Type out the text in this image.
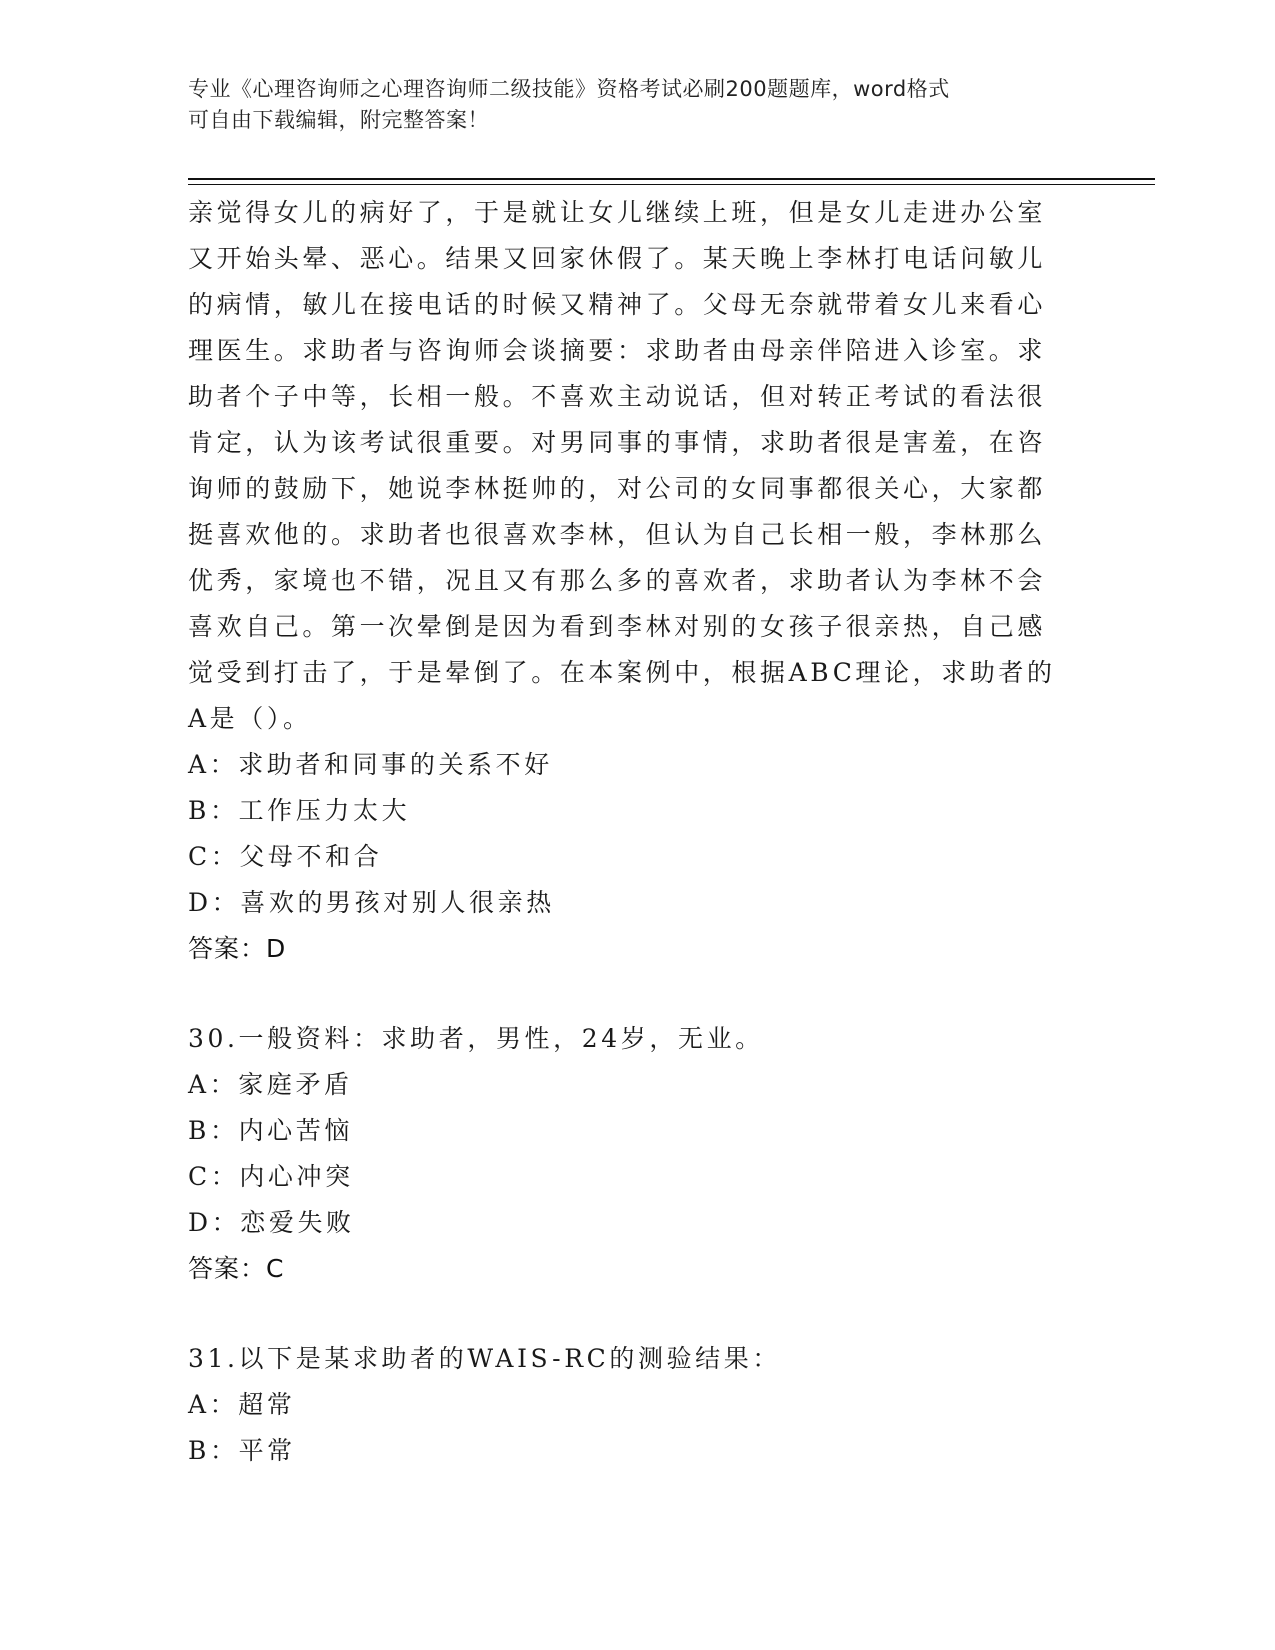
专业《心理咨询师之心理咨询师二级技能》资格考试必刷200题题库，word格式
可自由下载编辑，附完整答案！
亲觉得女儿的病好了，于是就让女儿继续上班，但是女儿走进办公室
又开始头晕、恶心。结果又回家休假了。某天晚上李林打电话问敏儿
的病情，敏儿在接电话的时候又精神了。父母无奈就带着女儿来看心
理医生。求助者与咨询师会谈摘要：求助者由母亲伴陪进入诊室。求
助者个子中等，长相一般。不喜欢主动说话，但对转正考试的看法很
肯定，认为该考试很重要。对男同事的事情，求助者很是害羞，在咨
询师的鼓励下，她说李林挺帅的，对公司的女同事都很关心，大家都
挺喜欢他的。求助者也很喜欢李林，但认为自己长相一般，李林那么
优秀，家境也不错，况且又有那么多的喜欢者，求助者认为李林不会
喜欢自己。第一次晕倒是因为看到李林对别的女孩子很亲热，自己感
觉受到打击了，于是晕倒了。在本案例中，根据ABC理论，求助者的
A是（）。
A：求助者和同事的关系不好
B：工作压力太大
C：父母不和合
D：喜欢的男孩对别人很亲热
答案：D
30.一般资料：求助者，男性，24岁，无业。
A：家庭矛盾
B：内心苦恼
C：内心冲突
D：恋爱失败
答案：C
31.以下是某求助者的WAIS-RC的测验结果：
A：超常
B：平常
